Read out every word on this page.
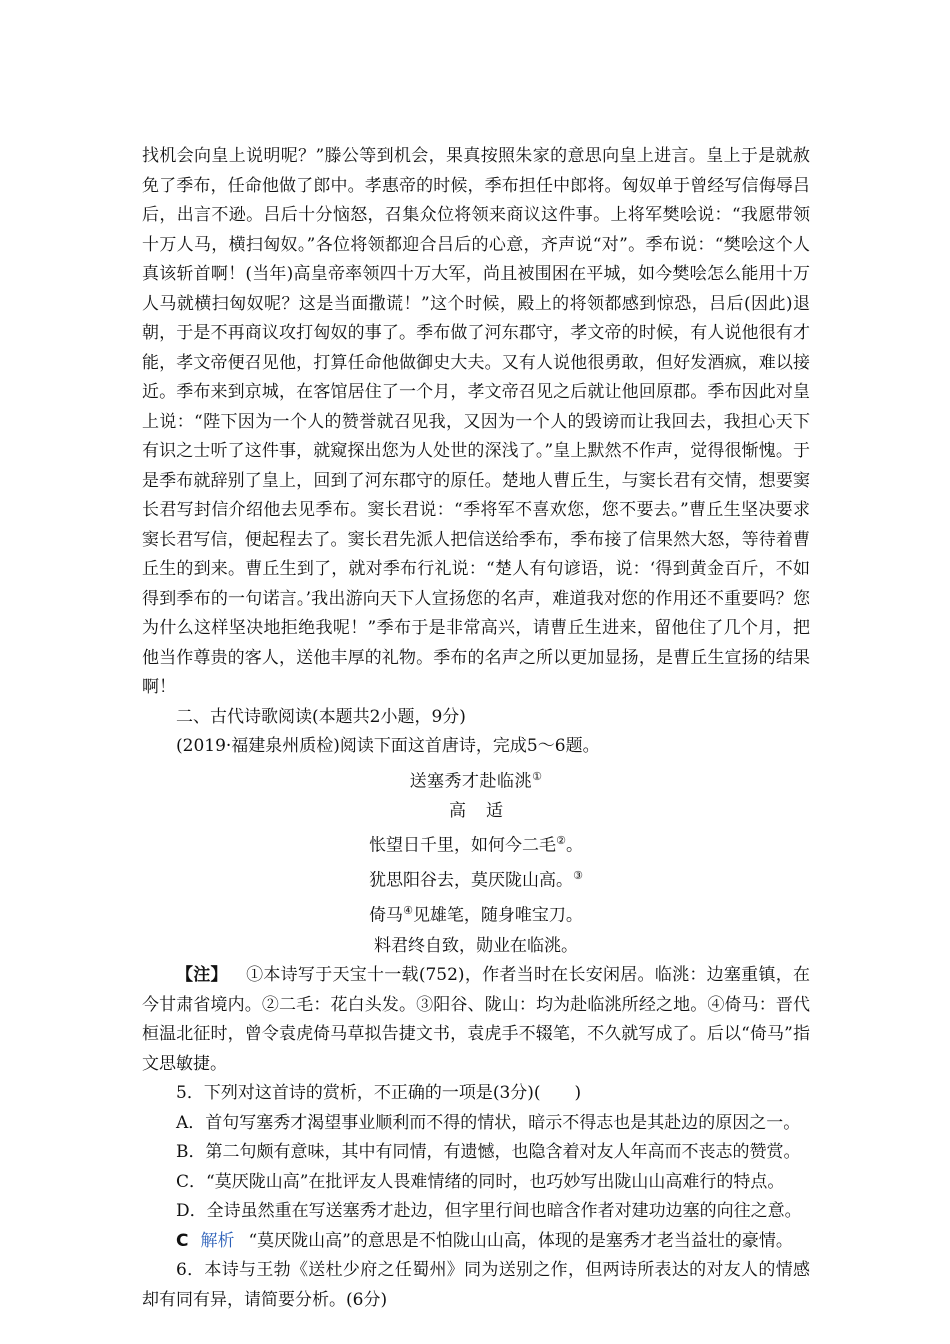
找机会向皇上说明呢？”滕公等到机会，果真按照朱家的意思向皇上进言。皇上于是就赦免了季布，任命他做了郎中。孝惠帝的时候，季布担任中郎将。匈奴单于曾经写信侮辱吕后，出言不逊。吕后十分恼怒，召集众位将领来商议这件事。上将军樊哙说：“我愿带领十万人马，横扫匈奴。”各位将领都迎合吕后的心意，齐声说“对”。季布说：“樊哙这个人真该斩首啊！(当年)高皇帝率领四十万大军，尚且被围困在平城，如今樊哙怎么能用十万人马就横扫匈奴呢？这是当面撒谎！”这个时候，殿上的将领都感到惊恐，吕后(因此)退朝，于是不再商议攻打匈奴的事了。季布做了河东郡守，孝文帝的时候，有人说他很有才能，孝文帝便召见他，打算任命他做御史大夫。又有人说他很勇敢，但好发酒疯，难以接近。季布来到京城，在客馆居住了一个月，孝文帝召见之后就让他回原郡。季布因此对皇上说：“陛下因为一个人的赞誉就召见我，又因为一个人的毁谤而让我回去，我担心天下有识之士听了这件事，就窥探出您为人处世的深浅了。”皇上默然不作声，觉得很惭愧。于是季布就辞别了皇上，回到了河东郡守的原任。楚地人曹丘生，与窦长君有交情，想要窦长君写封信介绍他去见季布。窦长君说：“季将军不喜欢您，您不要去。”曹丘生坚决要求窦长君写信，便起程去了。窦长君先派人把信送给季布，季布接了信果然大怒，等待着曹丘生的到来。曹丘生到了，就对季布行礼说：“楚人有句谚语，说：‘得到黄金百斤，不如得到季布的一句诺言。’我出游向天下人宣扬您的名声，难道我对您的作用还不重要吗？您为什么这样坚决地拒绝我呢！”季布于是非常高兴，请曹丘生进来，留他住了几个月，把他当作尊贵的客人，送他丰厚的礼物。季布的名声之所以更加显扬，是曹丘生宣扬的结果啊！

二、古代诗歌阅读(本题共2小题，9分)

(2019·福建泉州质检)阅读下面这首唐诗，完成5～6题。

送塞秀才赴临洮①

高适

怅望日千里，如何今二毛②。

犹思阳谷去，莫厌陇山高。③

倚马④见雄笔，随身唯宝刀。

料君终自致，勋业在临洮。

【注】 ①本诗写于天宝十一载(752)，作者当时在长安闲居。临洮：边塞重镇，在今甘肃省境内。②二毛：花白头发。③阳谷、陇山：均为赴临洮所经之地。④倚马：晋代桓温北征时，曾令袁虎倚马草拟告捷文书，袁虎手不辍笔，不久就写成了。后以“倚马”指文思敏捷。

5．下列对这首诗的赏析，不正确的一项是(3分)(　　)

A．首句写塞秀才渴望事业顺利而不得的情状，暗示不得志也是其赴边的原因之一。

B．第二句颇有意味，其中有同情，有遗憾，也隐含着对友人年高而不丧志的赞赏。

C．“莫厌陇山高”在批评友人畏难情绪的同时，也巧妙写出陇山山高难行的特点。

D．全诗虽然重在写送塞秀才赴边，但字里行间也暗含作者对建功边塞的向往之意。

C 解析 “莫厌陇山高”的意思是不怕陇山山高，体现的是塞秀才老当益壮的豪情。

6．本诗与王勃《送杜少府之任蜀州》同为送别之作，但两诗所表达的对友人的情感却有同有异，请简要分析。(6分)
